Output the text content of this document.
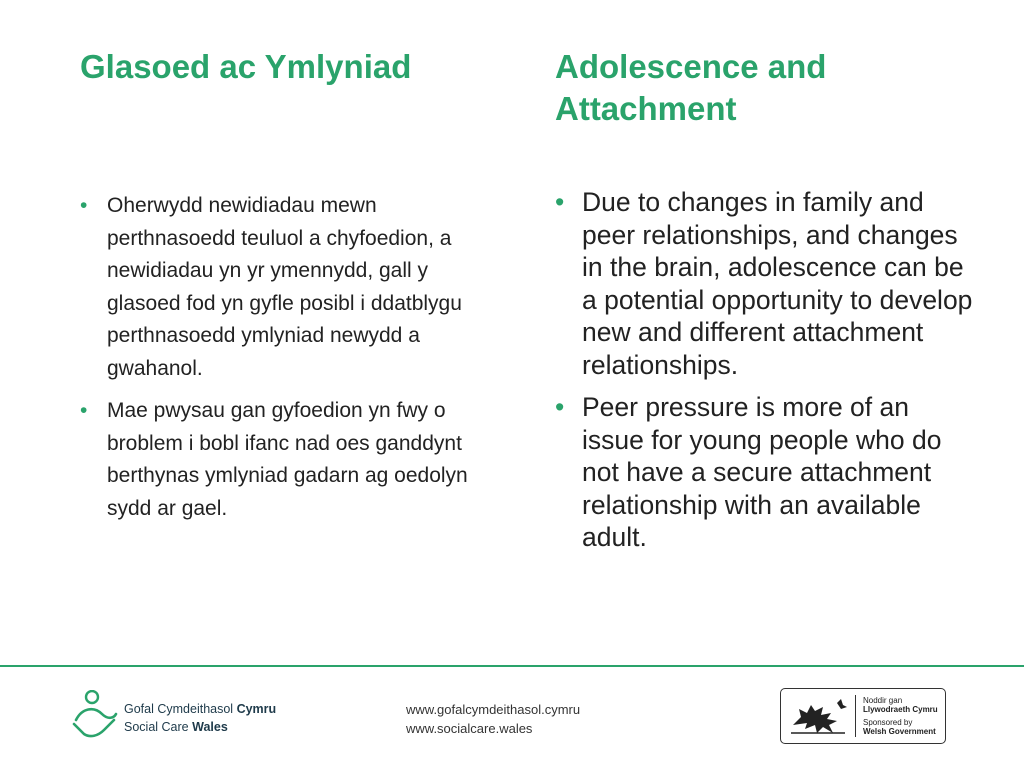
Glasoed ac Ymlyniad	Adolescence and Attachment
• Oherwydd newidiadau mewn perthnasoedd teuluol a chyfoedion, a newidiadau yn yr ymennydd, gall y glasoed fod yn gyfle posibl i ddatblygu perthnasoedd ymlyniad newydd a gwahanol.
• Mae pwysau gan gyfoedion yn fwy o broblem i bobl ifanc nad oes ganddynt berthynas ymlyniad gadarn ag oedolyn sydd ar gael.
• Due to changes in family and peer relationships, and changes in the brain, adolescence can be a potential opportunity to develop new and different attachment relationships.
• Peer pressure is more of an issue for young people who do not have a secure attachment relationship with an available adult.
Gofal Cymdeithasol Cymru
Social Care Wales
www.gofalcymdeithasol.cymru
www.socialcare.wales
Noddir gan
Llywodraeth Cymru
Sponsored by
Welsh Government
